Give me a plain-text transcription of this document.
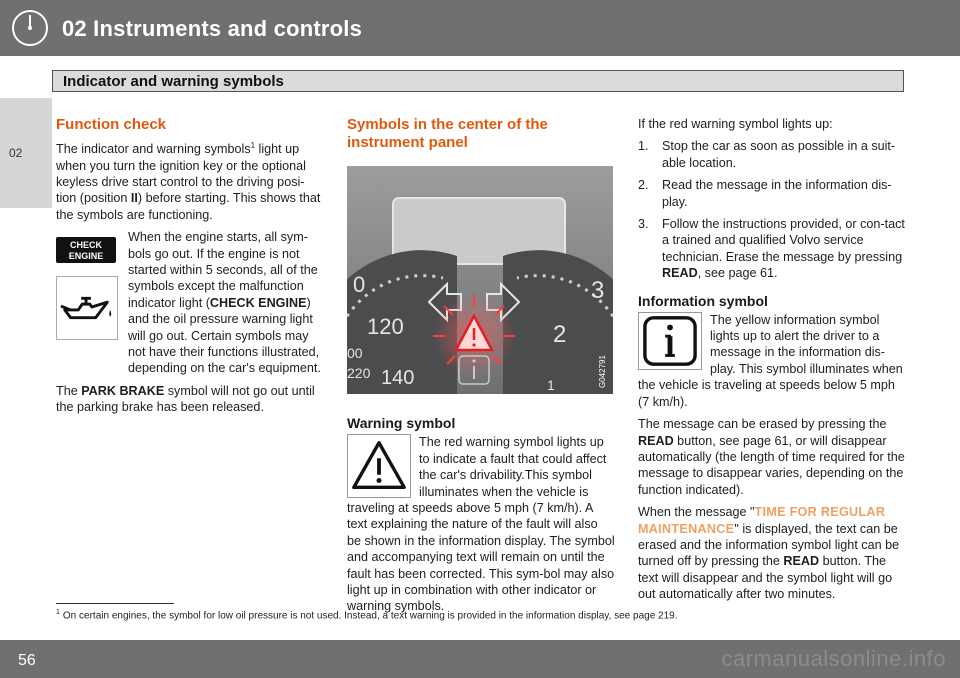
02 Instruments and controls
Indicator and warning symbols
02
Function check

The indicator and warning symbols$^1$ light up when you turn the ignition key or the optional keyless drive start control to the driving posi-tion (position II) before starting. This shows that the symbols are functioning.

CHECK
ENGINE

When the engine starts, all sym-bols go out. If the engine is not started within 5 seconds, all of the symbols except the malfunction indicator light (CHECK ENGINE) and the oil pressure warning light will go out. Certain symbols may not have their functions illustrated, depending on the car's equipment.

The PARK BRAKE symbol will not go out until the parking brake has been released.

Symbols in the center of the instrument panel
0
120
00
220 140
3
2
1	G042791
Warning symbol

The red warning symbol lights up to indicate a fault that could affect the car's drivability.This symbol illuminates when the vehicle is traveling at speeds above 5 mph (7 km/h). A text explaining the nature of the fault will also be shown in the information display. The symbol and accompanying text will remain on until the fault has been corrected. This sym-bol may also light up in combination with other indicator or warning symbols.

If the red warning symbol lights up:

1. Stop the car as soon as possible in a suit-able location.
2. Read the message in the information dis-play.
3. Follow the instructions provided, or con-tact a trained and qualified Volvo service technician. Erase the message by pressing READ, see page 61.
Information symbol

The yellow information symbol lights up to alert the driver to a message in the information dis-play. This symbol illuminates when the vehicle is traveling at speeds below 5 mph (7 km/h).

The message can be erased by pressing the READ button, see page 61, or will disappear automatically (the length of time required for the message to disappear varies, depending on the function indicated).

When the message "TIME FOR REGULAR MAINTENANCE" is displayed, the text can be erased and the information symbol light can be turned off by pressing the READ button. The text will disappear and the symbol light will go out automatically after two minutes.

$^1$ On certain engines, the symbol for low oil pressure is not used. Instead, a text warning is provided in the information display, see page 219.
56	carmanualsonline.info
